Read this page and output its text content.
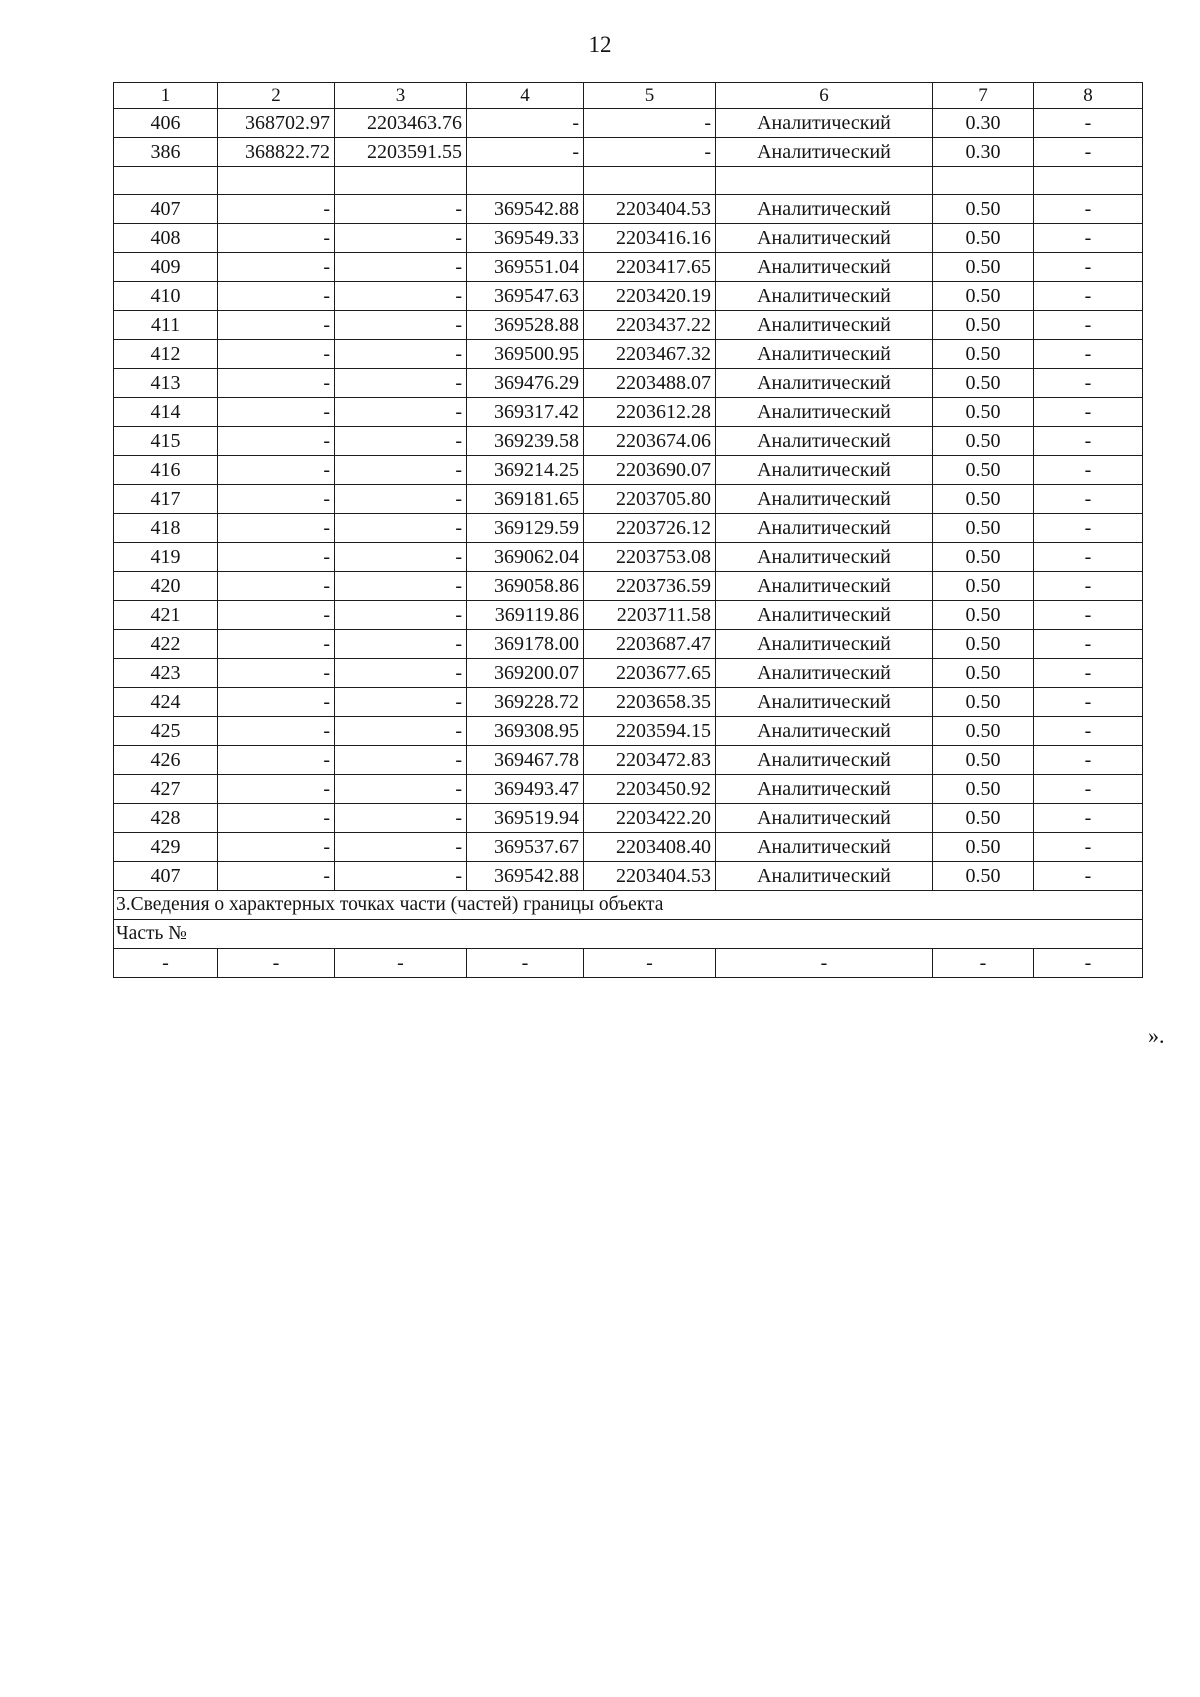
12
1	2	3	4	5	6	7	8
406	368702.97	2203463.76	-	-	Аналитический	0.30	-
386	368822.72	2203591.55	-	-	Аналитический	0.30	-

407	-	-	369542.88	2203404.53	Аналитический	0.50	-
408	-	-	369549.33	2203416.16	Аналитический	0.50	-
409	-	-	369551.04	2203417.65	Аналитический	0.50	-
410	-	-	369547.63	2203420.19	Аналитический	0.50	-
411	-	-	369528.88	2203437.22	Аналитический	0.50	-
412	-	-	369500.95	2203467.32	Аналитический	0.50	-
413	-	-	369476.29	2203488.07	Аналитический	0.50	-
414	-	-	369317.42	2203612.28	Аналитический	0.50	-
415	-	-	369239.58	2203674.06	Аналитический	0.50	-
416	-	-	369214.25	2203690.07	Аналитический	0.50	-
417	-	-	369181.65	2203705.80	Аналитический	0.50	-
418	-	-	369129.59	2203726.12	Аналитический	0.50	-
419	-	-	369062.04	2203753.08	Аналитический	0.50	-
420	-	-	369058.86	2203736.59	Аналитический	0.50	-
421	-	-	369119.86	2203711.58	Аналитический	0.50	-
422	-	-	369178.00	2203687.47	Аналитический	0.50	-
423	-	-	369200.07	2203677.65	Аналитический	0.50	-
424	-	-	369228.72	2203658.35	Аналитический	0.50	-
425	-	-	369308.95	2203594.15	Аналитический	0.50	-
426	-	-	369467.78	2203472.83	Аналитический	0.50	-
427	-	-	369493.47	2203450.92	Аналитический	0.50	-
428	-	-	369519.94	2203422.20	Аналитический	0.50	-
429	-	-	369537.67	2203408.40	Аналитический	0.50	-
407	-	-	369542.88	2203404.53	Аналитический	0.50	-
3.Сведения о характерных точках части (частей) границы объекта							
Часть №							
-	-	-	-	-	-	-	-
».
